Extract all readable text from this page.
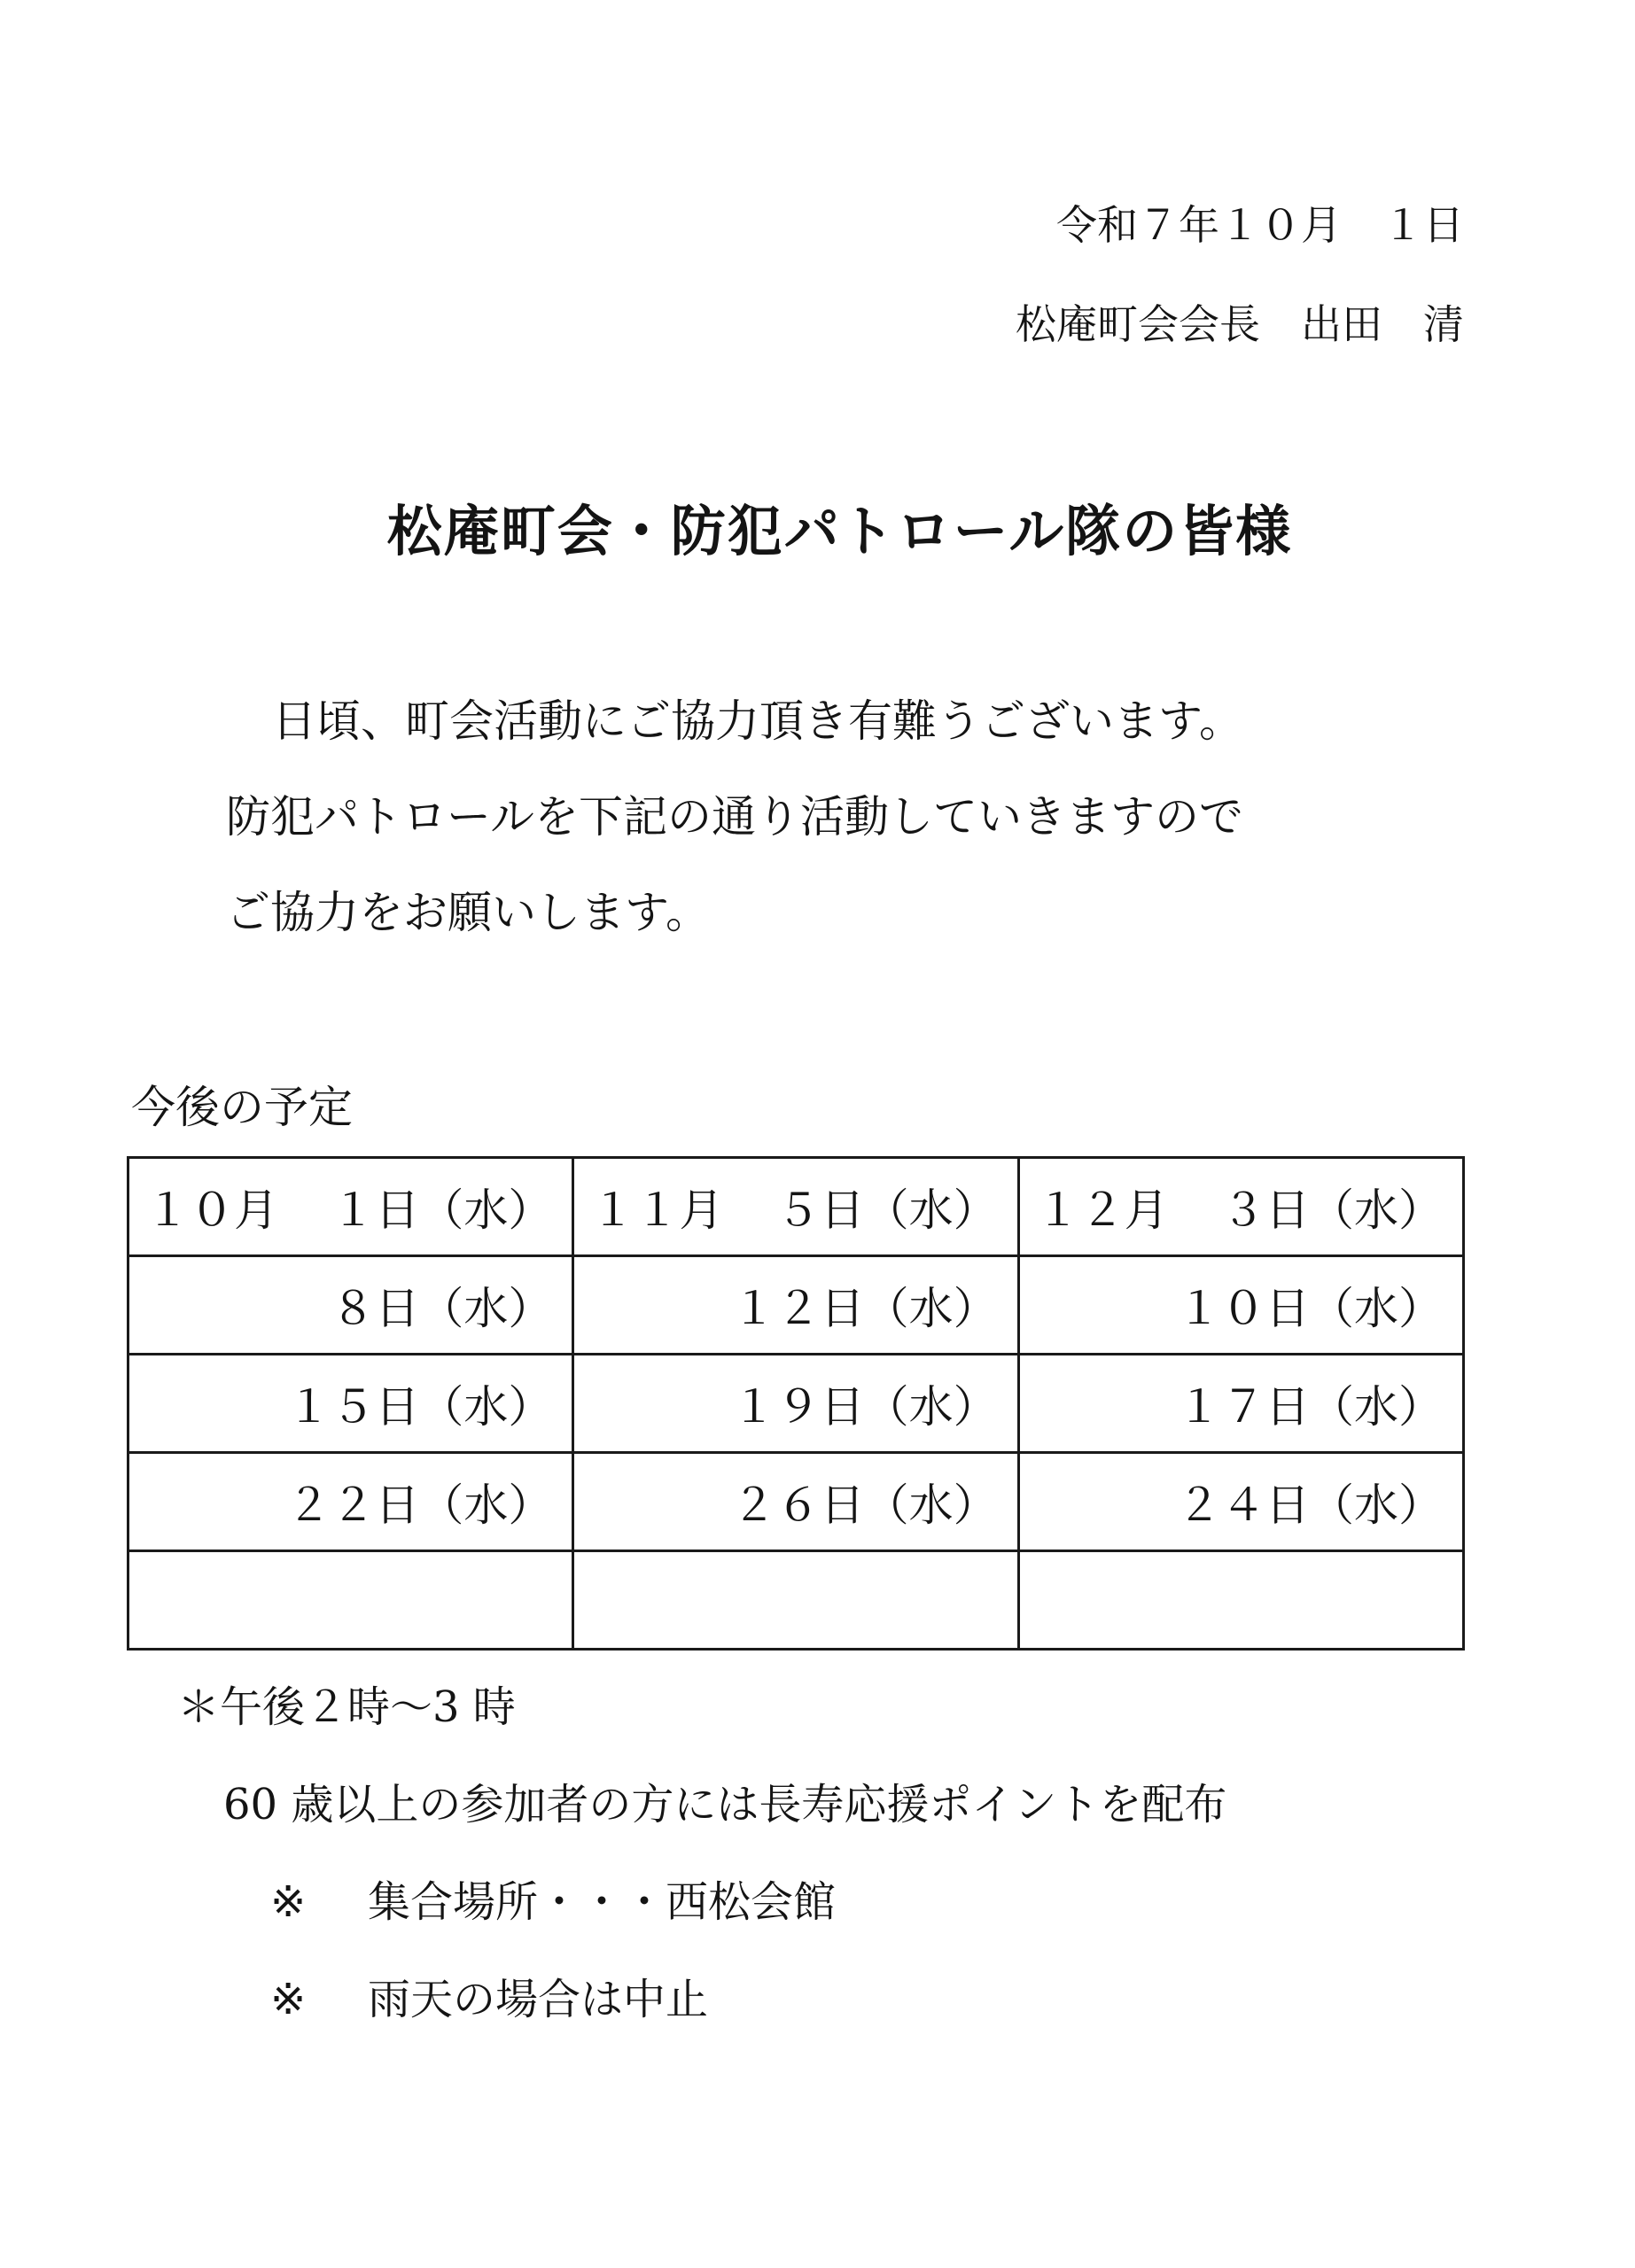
令和７年１０月　１日

松庵町会会長　出田　清

松庵町会・防犯パトロール隊の皆様

日頃、町会活動にご協力頂き有難うございます。

防犯パトロールを下記の通り活動していきますので

ご協力をお願いします。

今後の予定

１０月 １日（水）	１１月 ５日（水）	１２月 ３日（水）

８日（水）	１２日（水）	１０日（水）

１５日（水）	１９日（水）	１７日（水）

２２日（水）	２６日（水）	２４日（水）

＊午後２時～3 時

60 歳以上の参加者の方には長寿応援ポイントを配布

※ 集合場所・・・西松会館

※ 雨天の場合は中止
